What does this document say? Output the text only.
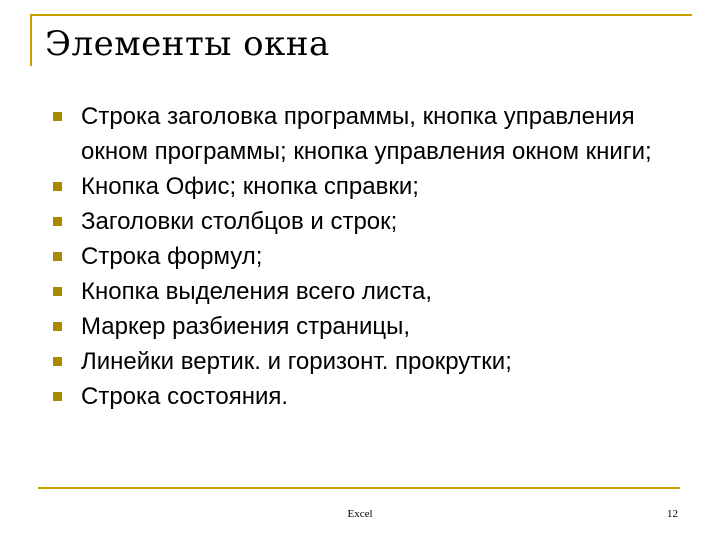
Элементы окна
Строка заголовка программы, кнопка управления окном программы; кнопка управления окном книги;
Кнопка Офис; кнопка справки;
Заголовки столбцов и строк;
Строка формул;
Кнопка выделения всего листа,
Маркер разбиения страницы,
Линейки вертик. и горизонт. прокрутки;
Строка состояния.
Excel	12
